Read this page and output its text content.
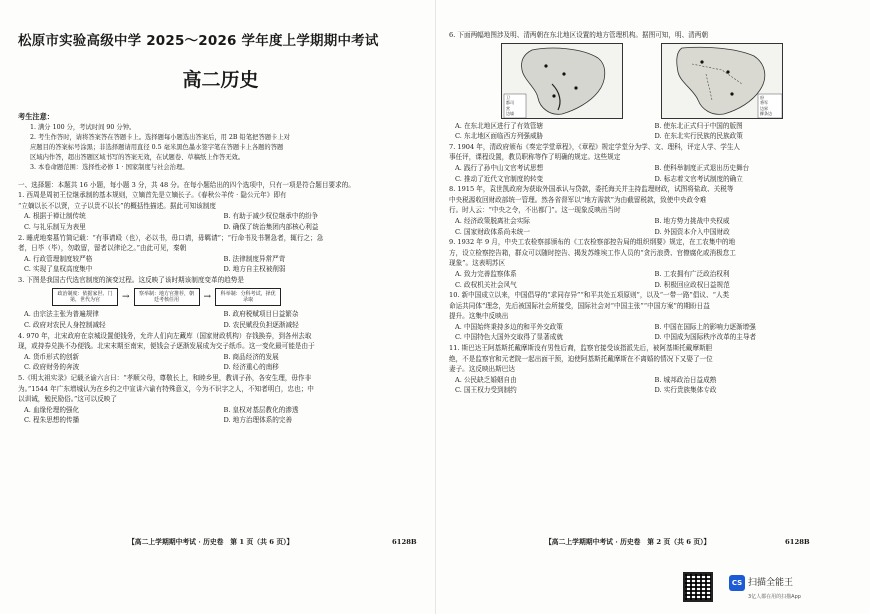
松原市实验高级中学 2025～2026 学年度上学期期中考试
高二历史
考生注意：
1. 满分 100 分，考试时间 90 分钟。
2. 考生作答时，请将答案答在答题卡上。选择题每小题选出答案后，用 2B 铅笔把答题卡上对
应题目的答案标号涂黑；非选择题请用直径 0.5 毫米黑色墨水签字笔在答题卡上各题的答题
区域内作答，超出答题区域书写的答案无效，在试题卷、草稿纸上作答无效。
3. 本卷命题范围：选择性必修 1 · 国家制度与社会治理。
一、选择题：本题共 16 小题，每小题 3 分，共 48 分。在每小题给出的四个选项中，只有一项是符合题目要求的。
1. 西周是周初王位继承制的基本规则，立嫡首先是立嫡长子。《春秋公羊传 · 隐公元年》即有
“立嫡以长不以贤，立子以贵不以长”的概括性描述。据此可知该制度
A. 根据于禅让制传统	B. 有助于减少权位继承中的纷争
C. 与礼乐制互为表里	D. 确保了统治集团内部核心利益
2. 睡虎地秦墓竹简记载：“有事请殴（也），必以书，毋口请，毋羁请”；“行命书及书署急者，辄行之；急
者，日毕（毕），勿敢留，留者以律论之。”由此可见，秦朝
A. 行政管理制度较严格	B. 法律制度异常严苛
C. 实现了皇权高度集中	D. 地方自主权被削弱
3. 下图是我国古代选官制度的演变过程。这反映了该时期该制度变革的趋势是
政治制度：依据家世、门第，世代为官	→	察举制：地方官推荐，朝廷考核任用	→	科举制：分科考试，择优录取
A. 由宗法主张为普遍规律	B. 政府税赋项目日益繁杂
C. 政府对农民人身控制减轻	D. 农民赋役负担逐渐减轻
4. 970 年，北宋政府在京城设置便钱务，允许人们向左藏库（国家财政机构）存钱换券，到各州去取
现，或持券兑换不办便钱。北宋末期至南宋，便钱会子逐渐发展成为交子纸币。这一变化最可能是由于
A. 货币形式的创新	B. 商品经济的发展
C. 政府财务的奔波	D. 经济重心的南移
5.《明太祖实录》记载圣谕六言曰：“孝顺父母，尊敬长上，和睦乡里，教训子孙，各安生理，毋作非
为。”1544 年广东增城认为在乡约之中宣讲六谕有特殊意义，今为不识字之人，不知者明白，忠也；中
以训诫，勉民励俗。”这可以反映了
A. 血缘伦理的强化	B. 皇权对基层教化的渗透
C. 程朱思想的传播	D. 地方治理体系的完善
【高二上学期期中考试 · 历史卷　第 1 页（共 6 页）】	6128B
6. 下面两幅地图涉及明、清两朝在东北地区设置的地方管理机构。据图可知，明、清两朝
卫
都司
营
边墙
府
将军
边界
柳条边
A. 在东北地区进行了有效管辖	B. 使东北正式归于中国的版图
C. 东北地区面临西方列强威胁	D. 在东北实行民族的民族政策
7. 1904 年，清政府颁布《奏定学堂章程》，《章程》规定学堂分为学、文、理科，评定人学、学生人
事任评，课程设置，教员职称等作了明确的规定。这些规定
A. 践行了孙中山文官考试思想	B. 使科举制度正式退出历史舞台
C. 推动了近代文官制度的转变	D. 标志着文官考试制度的确立
8. 1915 年，袁世凯政府为获取外国承认与贷款，委托海关并主持监理财政，试图将盐政、关税等
中央税源收回财政部统一管理。然各省督军以“地方需款”为由截留税款，致使中央政令难
行。时人云：“中央之令，不出都门”。这一现象反映出当时
A. 经济政策脱离社会实际	B. 地方势力挑战中央权威
C. 国家财政体系尚未统一	D. 外国资本介入中国财政
9. 1932 年 9 月，中央工农检察部颁布的《工农检察部控告局的组织纲要》规定，在工农集中的地
方，设立检察控告箱，群众可以随时控告、揭发苏维埃工作人员的“贪污浪费、官僚腐化或消极怠工
现象”。这表明苏区
A. 致力完善监察体系	B. 工农拥有广泛政治权利
C. 政权机关社会风气	D. 积极回应政权日益规范
10. 新中国成立以来，中国倡导的“求同存异”“和平共处五项原则”，以及“一带一路”倡议、“人类
命运共同体”理念，先后被国际社会所接受，国际社会对“中国主张”“中国方案”的期盼日益
提升。这集中反映出
A. 中国始终秉持多边的和平外交政策	B. 中国在国际上的影响力逐渐增强
C. 中国特色大国外交取得了显著成就	D. 中国成为国际秩序改革的主导者
11. 斯巴达王阿基斯托戴摩斯没有男性后裔，监察官接受该指派先后，被阿基斯托戴摩斯胆
绝，不是监察官和元老院一起出面干预，迫使阿基斯托戴摩斯在不离婚的情况下又娶了一位
妻子。这反映出斯巴达
A. 公民缺乏婚姻自由	B. 城邦政治日益成熟
C. 国王权力受到制约	D. 实行贵族集体专政
【高二上学期期中考试 · 历史卷　第 2 页（共 6 页）】	6128B
CS 扫描全能王
3亿人都在用的扫描App
